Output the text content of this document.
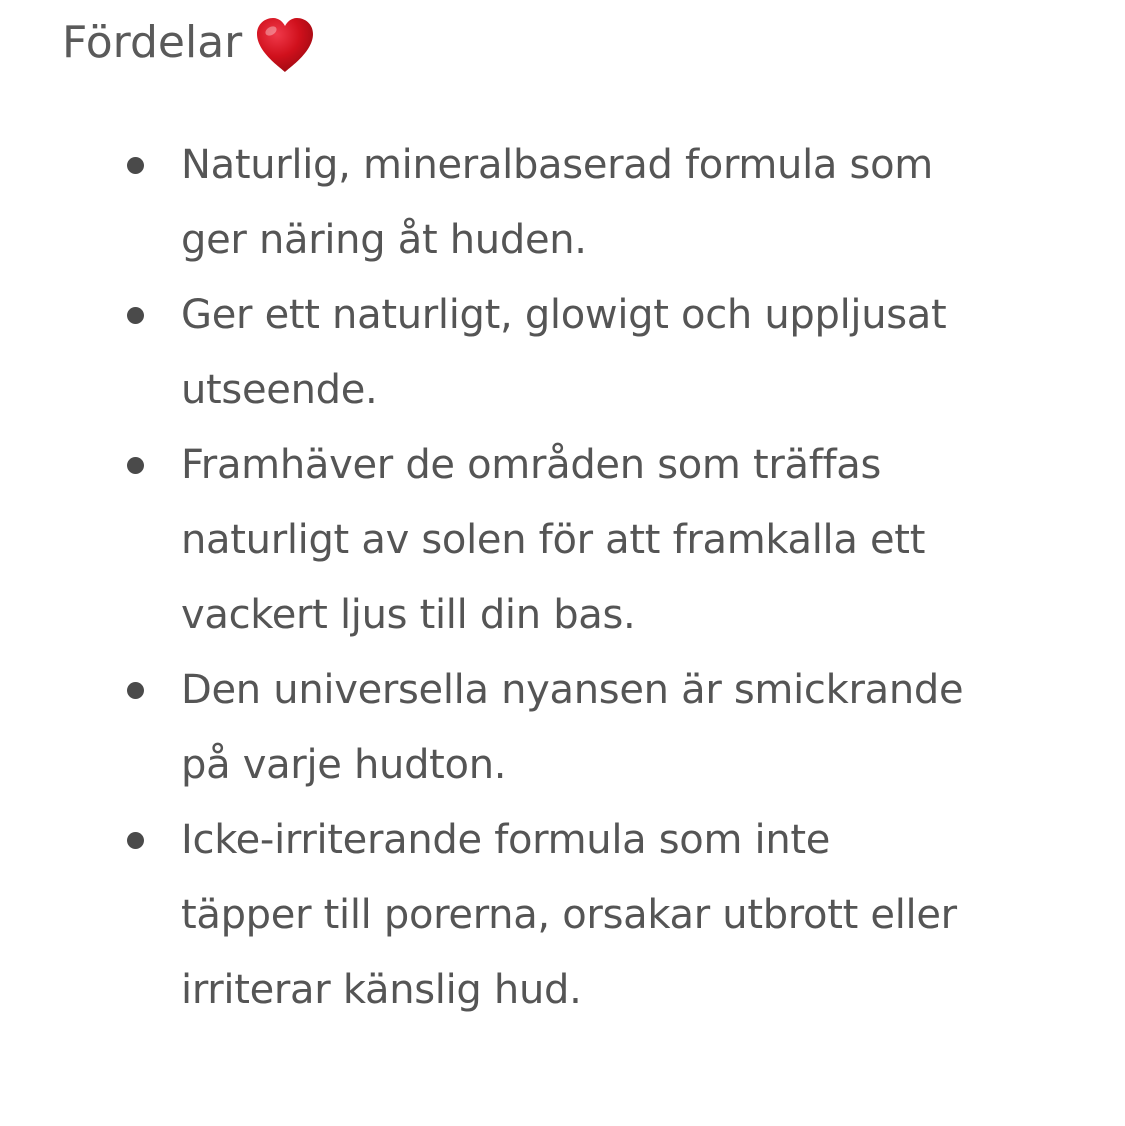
Fördelar
Naturlig, mineralbaserad formula som
ger näring åt huden.
Ger ett naturligt, glowigt och uppljusat
utseende.
Framhäver de områden som träffas
naturligt av solen för att framkalla ett
vackert ljus till din bas.
Den universella nyansen är smickrande
på varje hudton.
Icke-irriterande formula som inte
täpper till porerna, orsakar utbrott eller
irriterar känslig hud.
